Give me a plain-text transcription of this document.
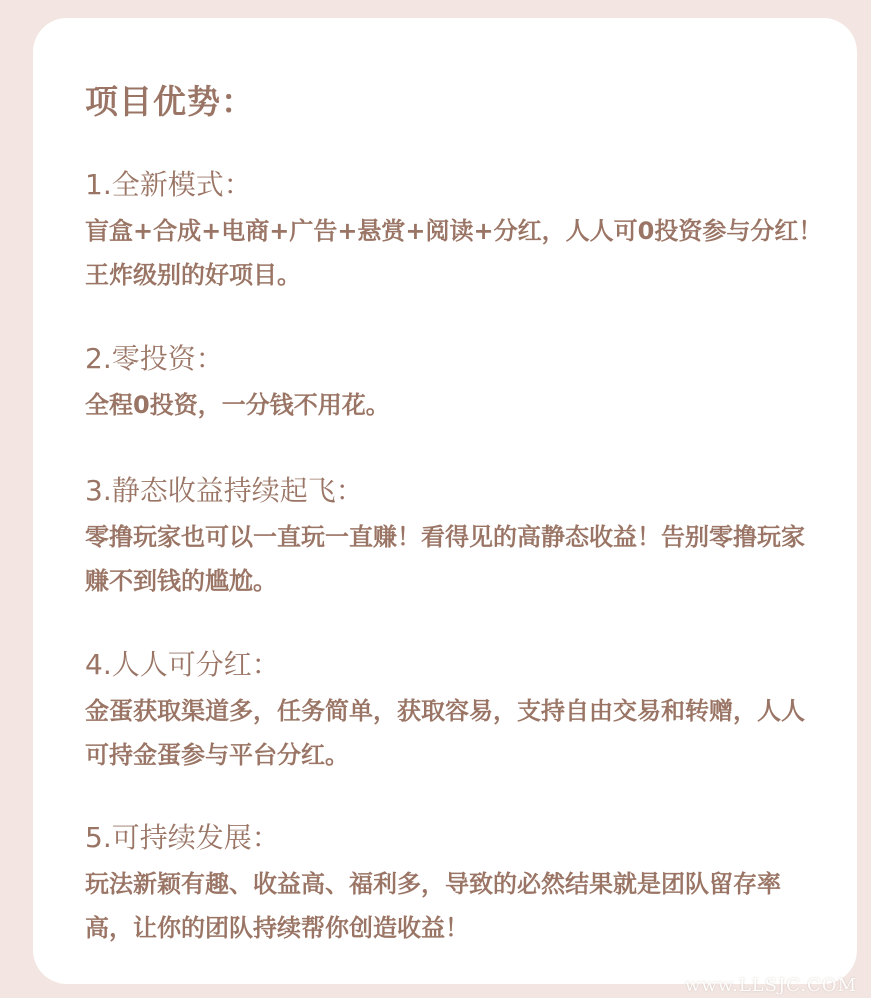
项目优势：
1.全新模式：

盲盒+合成+电商+广告+悬赏+阅读+分红，人人可0投资参与分红！王炸级别的好项目。

2.零投资：

全程0投资，一分钱不用花。

3.静态收益持续起飞：

零撸玩家也可以一直玩一直赚！看得见的高静态收益！告别零撸玩家赚不到钱的尴尬。

4.人人可分红：

金蛋获取渠道多，任务简单，获取容易，支持自由交易和转赠，人人可持金蛋参与平台分红。

5.可持续发展：

玩法新颖有趣、收益高、福利多，导致的必然结果就是团队留存率高，让你的团队持续帮你创造收益！

www.LLSJC.COM
